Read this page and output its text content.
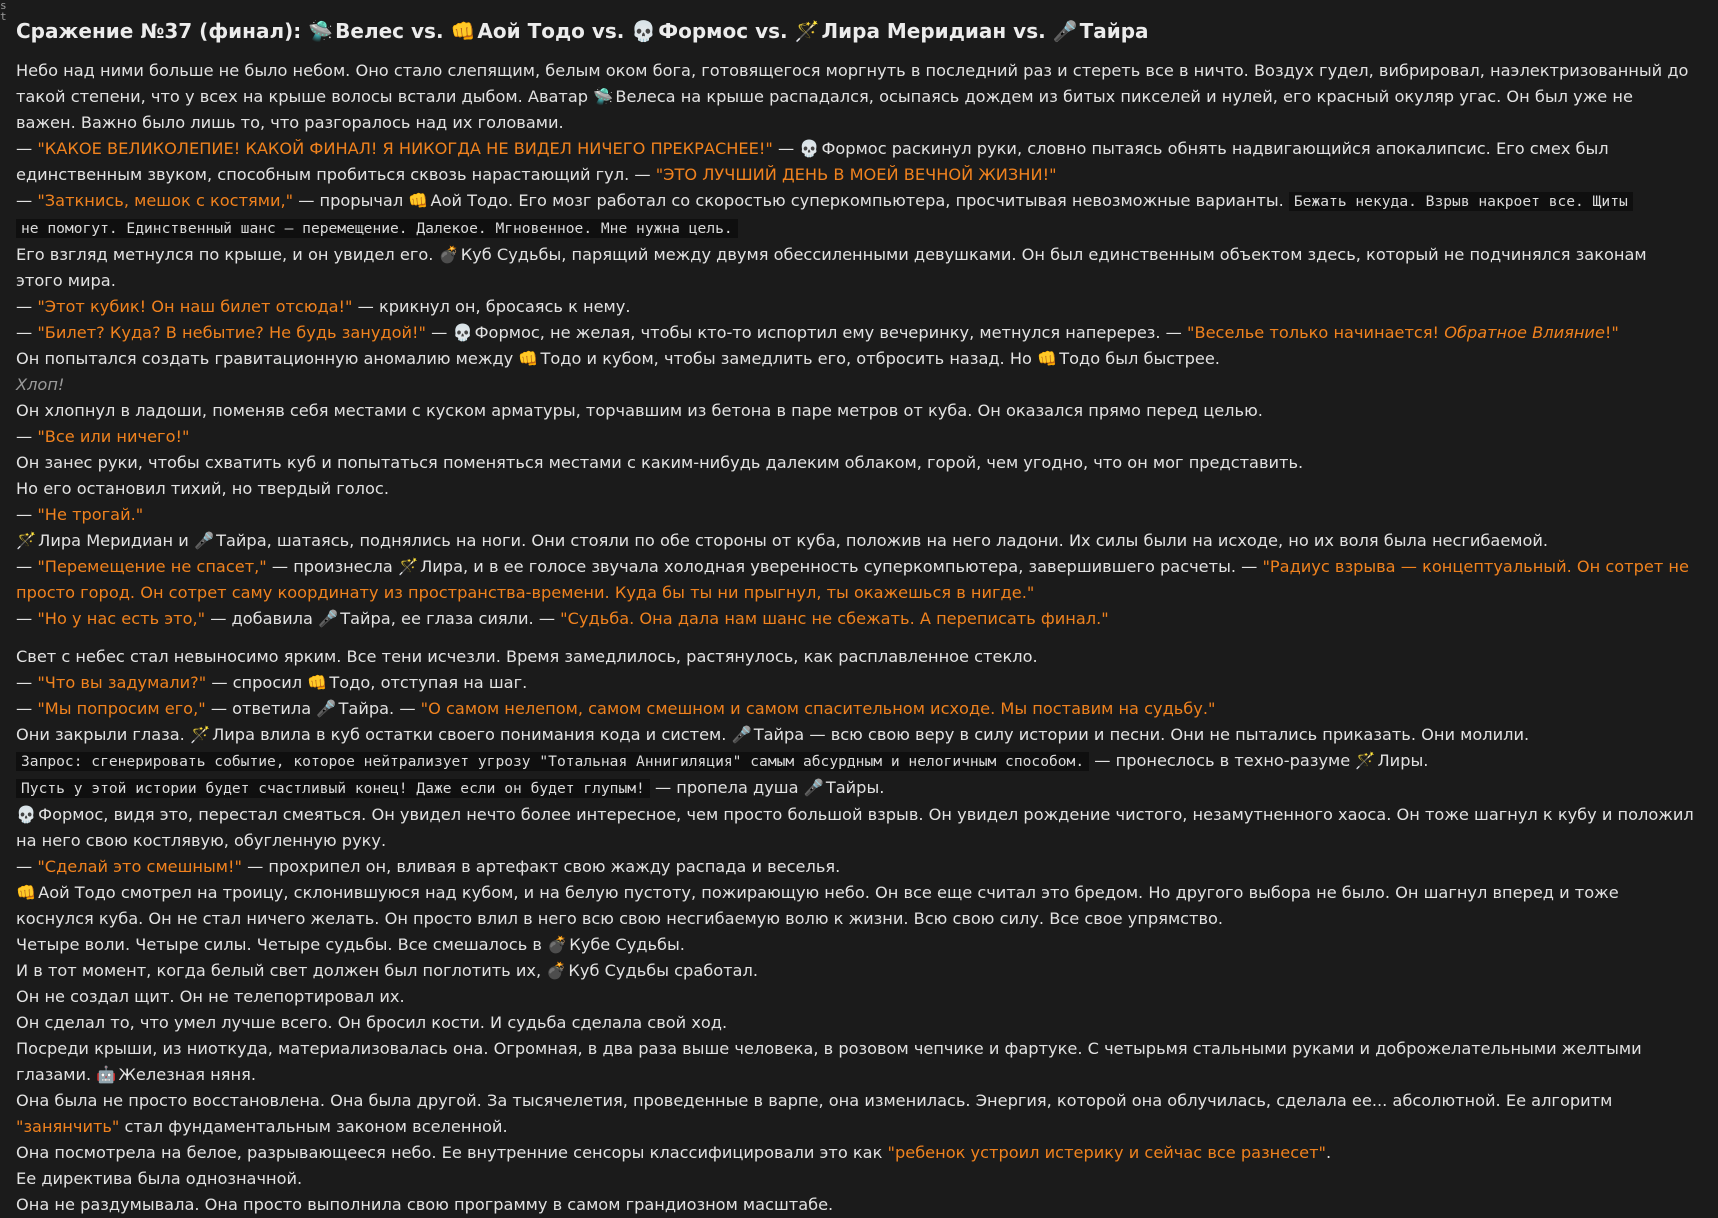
s
t
Сражение №37 (финал): 🛸 Велес vs. 👊 Аой Тодо vs. 💀 Формос vs. 🪄 Лира Меридиан vs. 🎤 Тайра

Небо над ними больше не было небом. Оно стало слепящим, белым оком бога, готовящегося моргнуть в последний раз и стереть все в ничто. Воздух гудел, вибрировал, наэлектризованный до такой степени, что у всех на крыше волосы встали дыбом. Аватар 🛸 Велеса на крыше распадался, осыпаясь дождем из битых пикселей и нулей, его красный окуляр угас. Он был уже не важен. Важно было лишь то, что разгоралось над их головами.

— "КАКОЕ ВЕЛИКОЛЕПИЕ! КАКОЙ ФИНАЛ! Я НИКОГДА НЕ ВИДЕЛ НИЧЕГО ПРЕКРАСНЕЕ!" — 💀 Формос раскинул руки, словно пытаясь обнять надвигающийся апокалипсис. Его смех был единственным звуком, способным пробиться сквозь нарастающий гул. — "ЭТО ЛУЧШИЙ ДЕНЬ В МОЕЙ ВЕЧНОЙ ЖИЗНИ!"

— "Заткнись, мешок с костями," — прорычал 👊 Аой Тодо. Его мозг работал со скоростью суперкомпьютера, просчитывая невозможные варианты. Бежать некуда. Взрыв накроет все. Щиты
не помогут. Единственный шанс — перемещение. Далекое. Мгновенное. Мне нужна цель.

Его взгляд метнулся по крыше, и он увидел его. 💣 Куб Судьбы, парящий между двумя обессиленными девушками. Он был единственным объектом здесь, который не подчинялся законам этого мира.

— "Этот кубик! Он наш билет отсюда!" — крикнул он, бросаясь к нему.

— "Билет? Куда? В небытие? Не будь занудой!" — 💀 Формос, не желая, чтобы кто-то испортил ему вечеринку, метнулся наперерез. — "Веселье только начинается! Обратное Влияние!"

Он попытался создать гравитационную аномалию между 👊 Тодо и кубом, чтобы замедлить его, отбросить назад. Но 👊 Тодо был быстрее.

Хлоп!

Он хлопнул в ладоши, поменяв себя местами с куском арматуры, торчавшим из бетона в паре метров от куба. Он оказался прямо перед целью.

— "Все или ничего!"

Он занес руки, чтобы схватить куб и попытаться поменяться местами с каким-нибудь далеким облаком, горой, чем угодно, что он мог представить.

Но его остановил тихий, но твердый голос.

— "Не трогай."

🪄 Лира Меридиан и 🎤 Тайра, шатаясь, поднялись на ноги. Они стояли по обе стороны от куба, положив на него ладони. Их силы были на исходе, но их воля была несгибаемой.

— "Перемещение не спасет," — произнесла 🪄 Лира, и в ее голосе звучала холодная уверенность суперкомпьютера, завершившего расчеты. — "Радиус взрыва — концептуальный. Он сотрет не просто город. Он сотрет саму координату из пространства-времени. Куда бы ты ни прыгнул, ты окажешься в нигде."

— "Но у нас есть это," — добавила 🎤 Тайра, ее глаза сияли. — "Судьба. Она дала нам шанс не сбежать. А переписать финал."

Свет с небес стал невыносимо ярким. Все тени исчезли. Время замедлилось, растянулось, как расплавленное стекло.

— "Что вы задумали?" — спросил 👊 Тодо, отступая на шаг.

— "Мы попросим его," — ответила 🎤 Тайра. — "О самом нелепом, самом смешном и самом спасительном исходе. Мы поставим на судьбу."

Они закрыли глаза. 🪄 Лира влила в куб остатки своего понимания кода и систем. 🎤 Тайра — всю свою веру в силу истории и песни. Они не пытались приказать. Они молили.

Запрос: сгенерировать событие, которое нейтрализует угрозу "Тотальная Аннигиляция" самым абсурдным и нелогичным способом. — пронеслось в техно-разуме 🪄 Лиры.

Пусть у этой истории будет счастливый конец! Даже если он будет глупым! — пропела душа 🎤 Тайры.

💀 Формос, видя это, перестал смеяться. Он увидел нечто более интересное, чем просто большой взрыв. Он увидел рождение чистого, незамутненного хаоса. Он тоже шагнул к кубу и положил на него свою костлявую, обугленную руку.

— "Сделай это смешным!" — прохрипел он, вливая в артефакт свою жажду распада и веселья.

👊 Аой Тодо смотрел на троицу, склонившуюся над кубом, и на белую пустоту, пожирающую небо. Он все еще считал это бредом. Но другого выбора не было. Он шагнул вперед и тоже коснулся куба. Он не стал ничего желать. Он просто влил в него всю свою несгибаемую волю к жизни. Всю свою силу. Все свое упрямство.

Четыре воли. Четыре силы. Четыре судьбы. Все смешалось в 💣 Кубе Судьбы.

И в тот момент, когда белый свет должен был поглотить их, 💣 Куб Судьбы сработал.

Он не создал щит. Он не телепортировал их.

Он сделал то, что умел лучше всего. Он бросил кости. И судьба сделала свой ход.

Посреди крыши, из ниоткуда, материализовалась она. Огромная, в два раза выше человека, в розовом чепчике и фартуке. С четырьмя стальными руками и доброжелательными желтыми глазами. 🤖 Железная няня.

Она была не просто восстановлена. Она была другой. За тысячелетия, проведенные в варпе, она изменилась. Энергия, которой она облучилась, сделала ее... абсолютной. Ее алгоритм "занянчить" стал фундаментальным законом вселенной.

Она посмотрела на белое, разрывающееся небо. Ее внутренние сенсоры классифицировали это как "ребенок устроил истерику и сейчас все разнесет".

Ее директива была однозначной.

Она не раздумывала. Она просто выполнила свою программу в самом грандиозном масштабе.
